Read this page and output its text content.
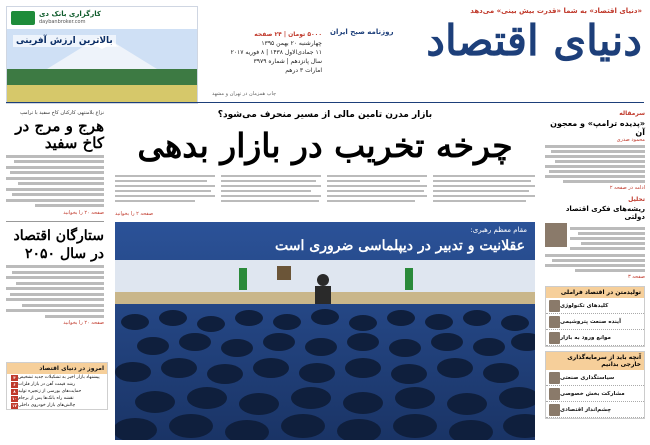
کارگزاری بانک دی
daybanbroker.com
بالاترین ارزش آفرینی
«دنیای اقتصاد» به شما «قدرت بیش بینی» می‌دهد
دنیای اقتصاد
روزنامه صبح ایران
۵۰۰۰ تومان | ۲۴ صفحه
چهارشنبه ۲۰ بهمن ۱۳۹۵
۱۱ جمادی‌الاول ۱۴۳۸ | ۸ فوریه ۲۰۱۷
سال پانزدهم | شماره ۳۹۷۹
امارات ۳ درهم
چاپ همزمان در تهران و مشهد
نزاع بلامنتهی کارکنان کاخ سفید با ترامپ
هرج و مرج در کاخ سفید
صفحه ۲۰ را بخوانید
ستارگان اقتصاد در سال ۲۰۵۰
صفحه ۲۰ را بخوانید
امروز در دنیای اقتصاد
۴ پیشنهاد بازار اخیر به تشکیلات جدید تشخیص
۶ رشد قیمت آهن در بازار فلزات
۸ حمایت‌های بورسی از زنجیره تولید
۱۰ نقشه راه بانک‌ها پس از برجام
۱۲ چالش‌های بازار خودروی داخلی
بازار مدرن تامین مالی از مسیر منحرف می‌شود؟
چرخه تخریب در بازار بدهی
صفحه ۲ را بخوانید
مقام معظم رهبری:
عقلانیت و تدبیر در دیپلماسی ضروری است
سرمقاله
«پدیده ترامپ» و معجون آن
محمود صدری
ادامه در صفحه ۲
تحلیل
ریشه‌های فکری اقتصاد دولتی
صفحه ۳
تولیدمتن در اقتصاد فراملی
کلیدهای تکنولوژی
آینده صنعت پتروشیمی
موانع ورود به بازار
آنچه باید از سرمایه‌گذاری خارجی بدانیم
سیاستگذاری صنعتی
مشارکت بخش خصوصی
چشم‌انداز اقتصادی
